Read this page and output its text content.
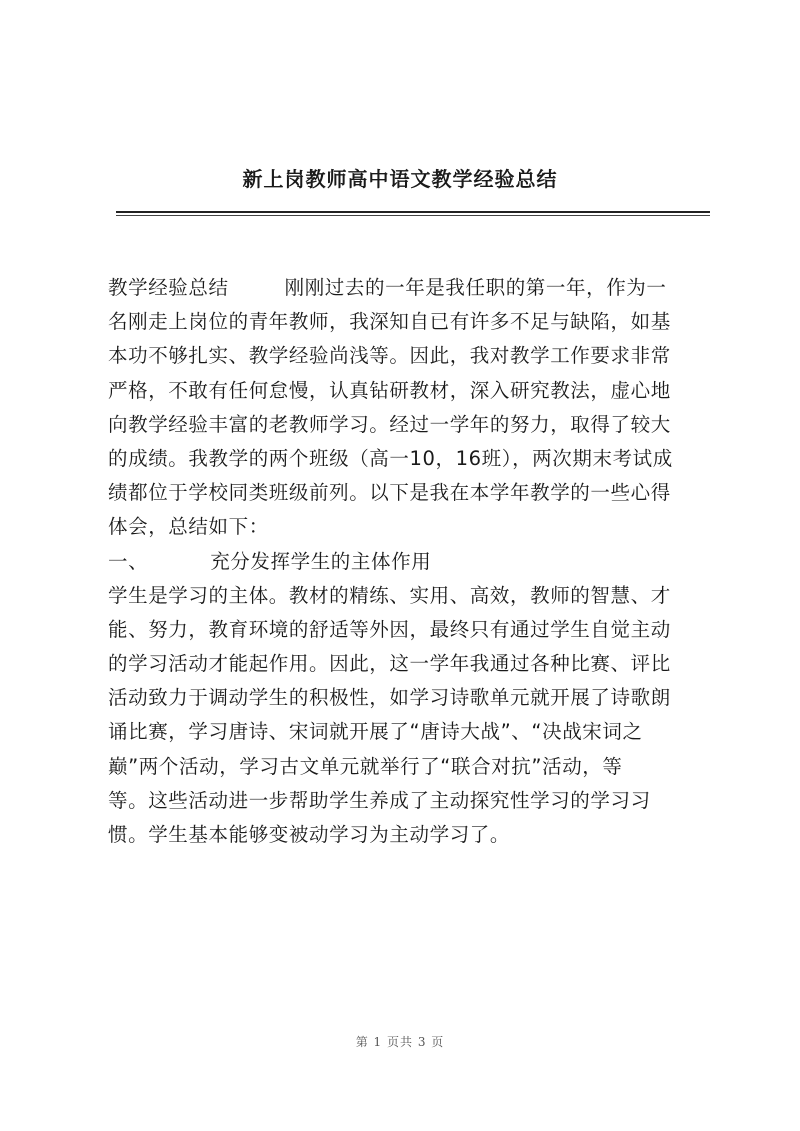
新上岗教师高中语文教学经验总结
教学经验总结	刚刚过去的一年是我任职的第一年，作为一
名刚走上岗位的青年教师，我深知自已有许多不足与缺陷，如基
本功不够扎实、教学经验尚浅等。因此，我对教学工作要求非常
严格，不敢有任何怠慢，认真钻研教材，深入研究教法，虚心地
向教学经验丰富的老教师学习。经过一学年的努力，取得了较大
的成绩。我教学的两个班级（高一10，16班），两次期末考试成
绩都位于学校同类班级前列。以下是我在本学年教学的一些心得
体会，总结如下：
一、	充分发挥学生的主体作用
学生是学习的主体。教材的精练、实用、高效，教师的智慧、才
能、努力，教育环境的舒适等外因，最终只有通过学生自觉主动
的学习活动才能起作用。因此，这一学年我通过各种比赛、评比
活动致力于调动学生的积极性，如学习诗歌单元就开展了诗歌朗
诵比赛，学习唐诗、宋词就开展了“唐诗大战”、“决战宋词之
巅”两个活动，学习古文单元就举行了“联合对抗”活动，等
等。这些活动进一步帮助学生养成了主动探究性学习的学习习
惯。学生基本能够变被动学习为主动学习了。
第 1 页共 3 页
